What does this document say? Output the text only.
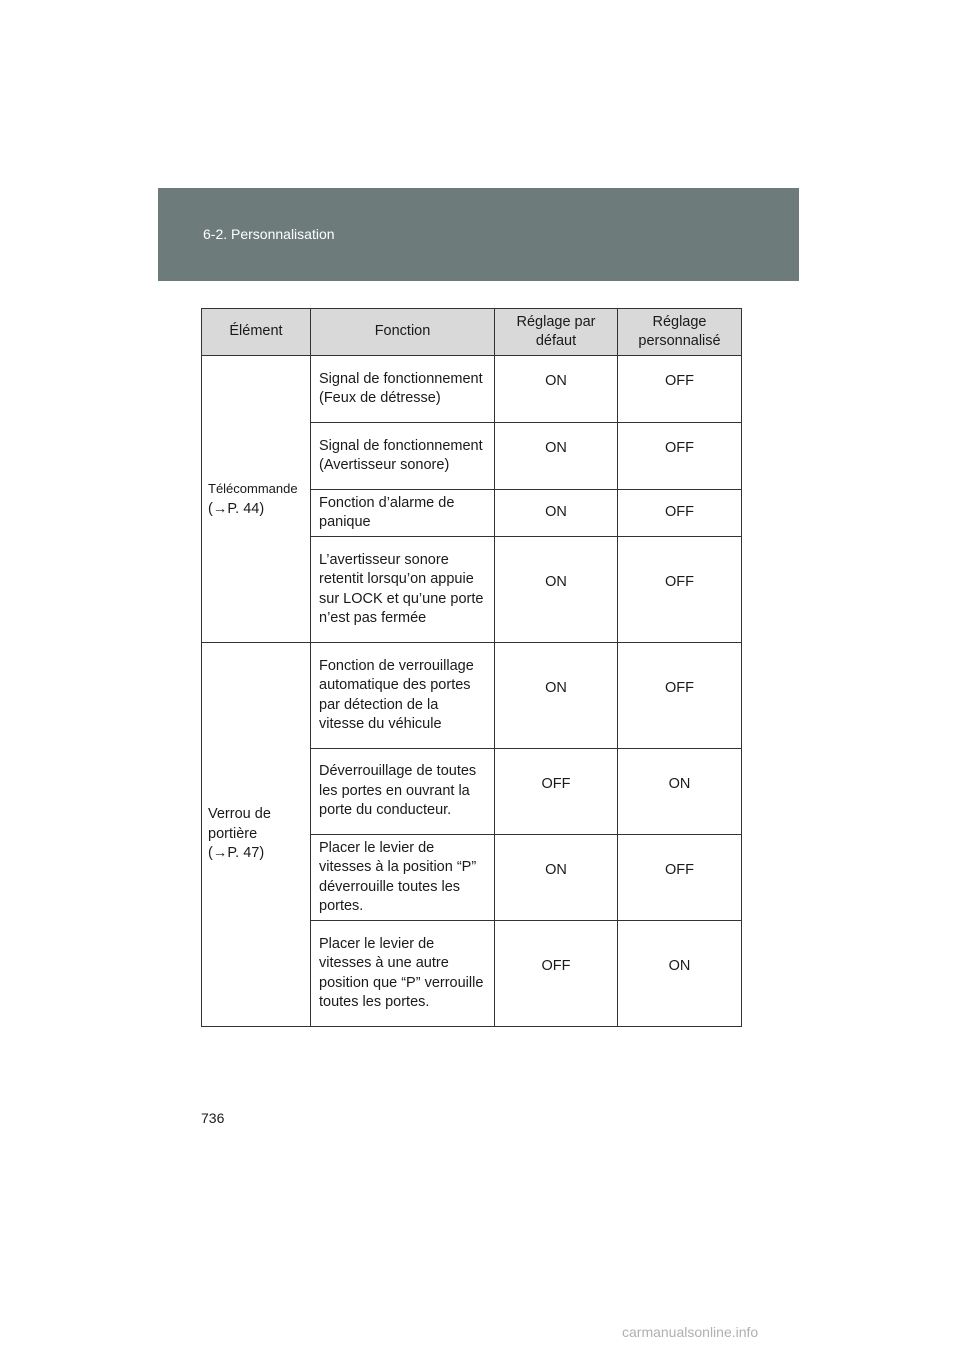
6-2. Personnalisation
Élément	Fonction	Réglage par défaut	Réglage personnalisé
Télécommande
(→P. 44)	Signal de fonctionnement (Feux de détresse)	ON	OFF
	Signal de fonctionnement (Avertisseur sonore)	ON	OFF
	Fonction d’alarme de panique	ON	OFF
	L’avertisseur sonore retentit lorsqu’on appuie sur LOCK et qu’une porte n’est pas fermée	ON	OFF
Verrou de portière
(→P. 47)	Fonction de verrouillage automatique des portes par détection de la vitesse du véhicule	ON	OFF
	Déverrouillage de toutes les portes en ouvrant la porte du conducteur.	OFF	ON
	Placer le levier de vitesses à la position “P” déverrouille toutes les portes.	ON	OFF
	Placer le levier de vitesses à une autre position que “P” verrouille toutes les portes.	OFF	ON
736
carmanualsonline.info
